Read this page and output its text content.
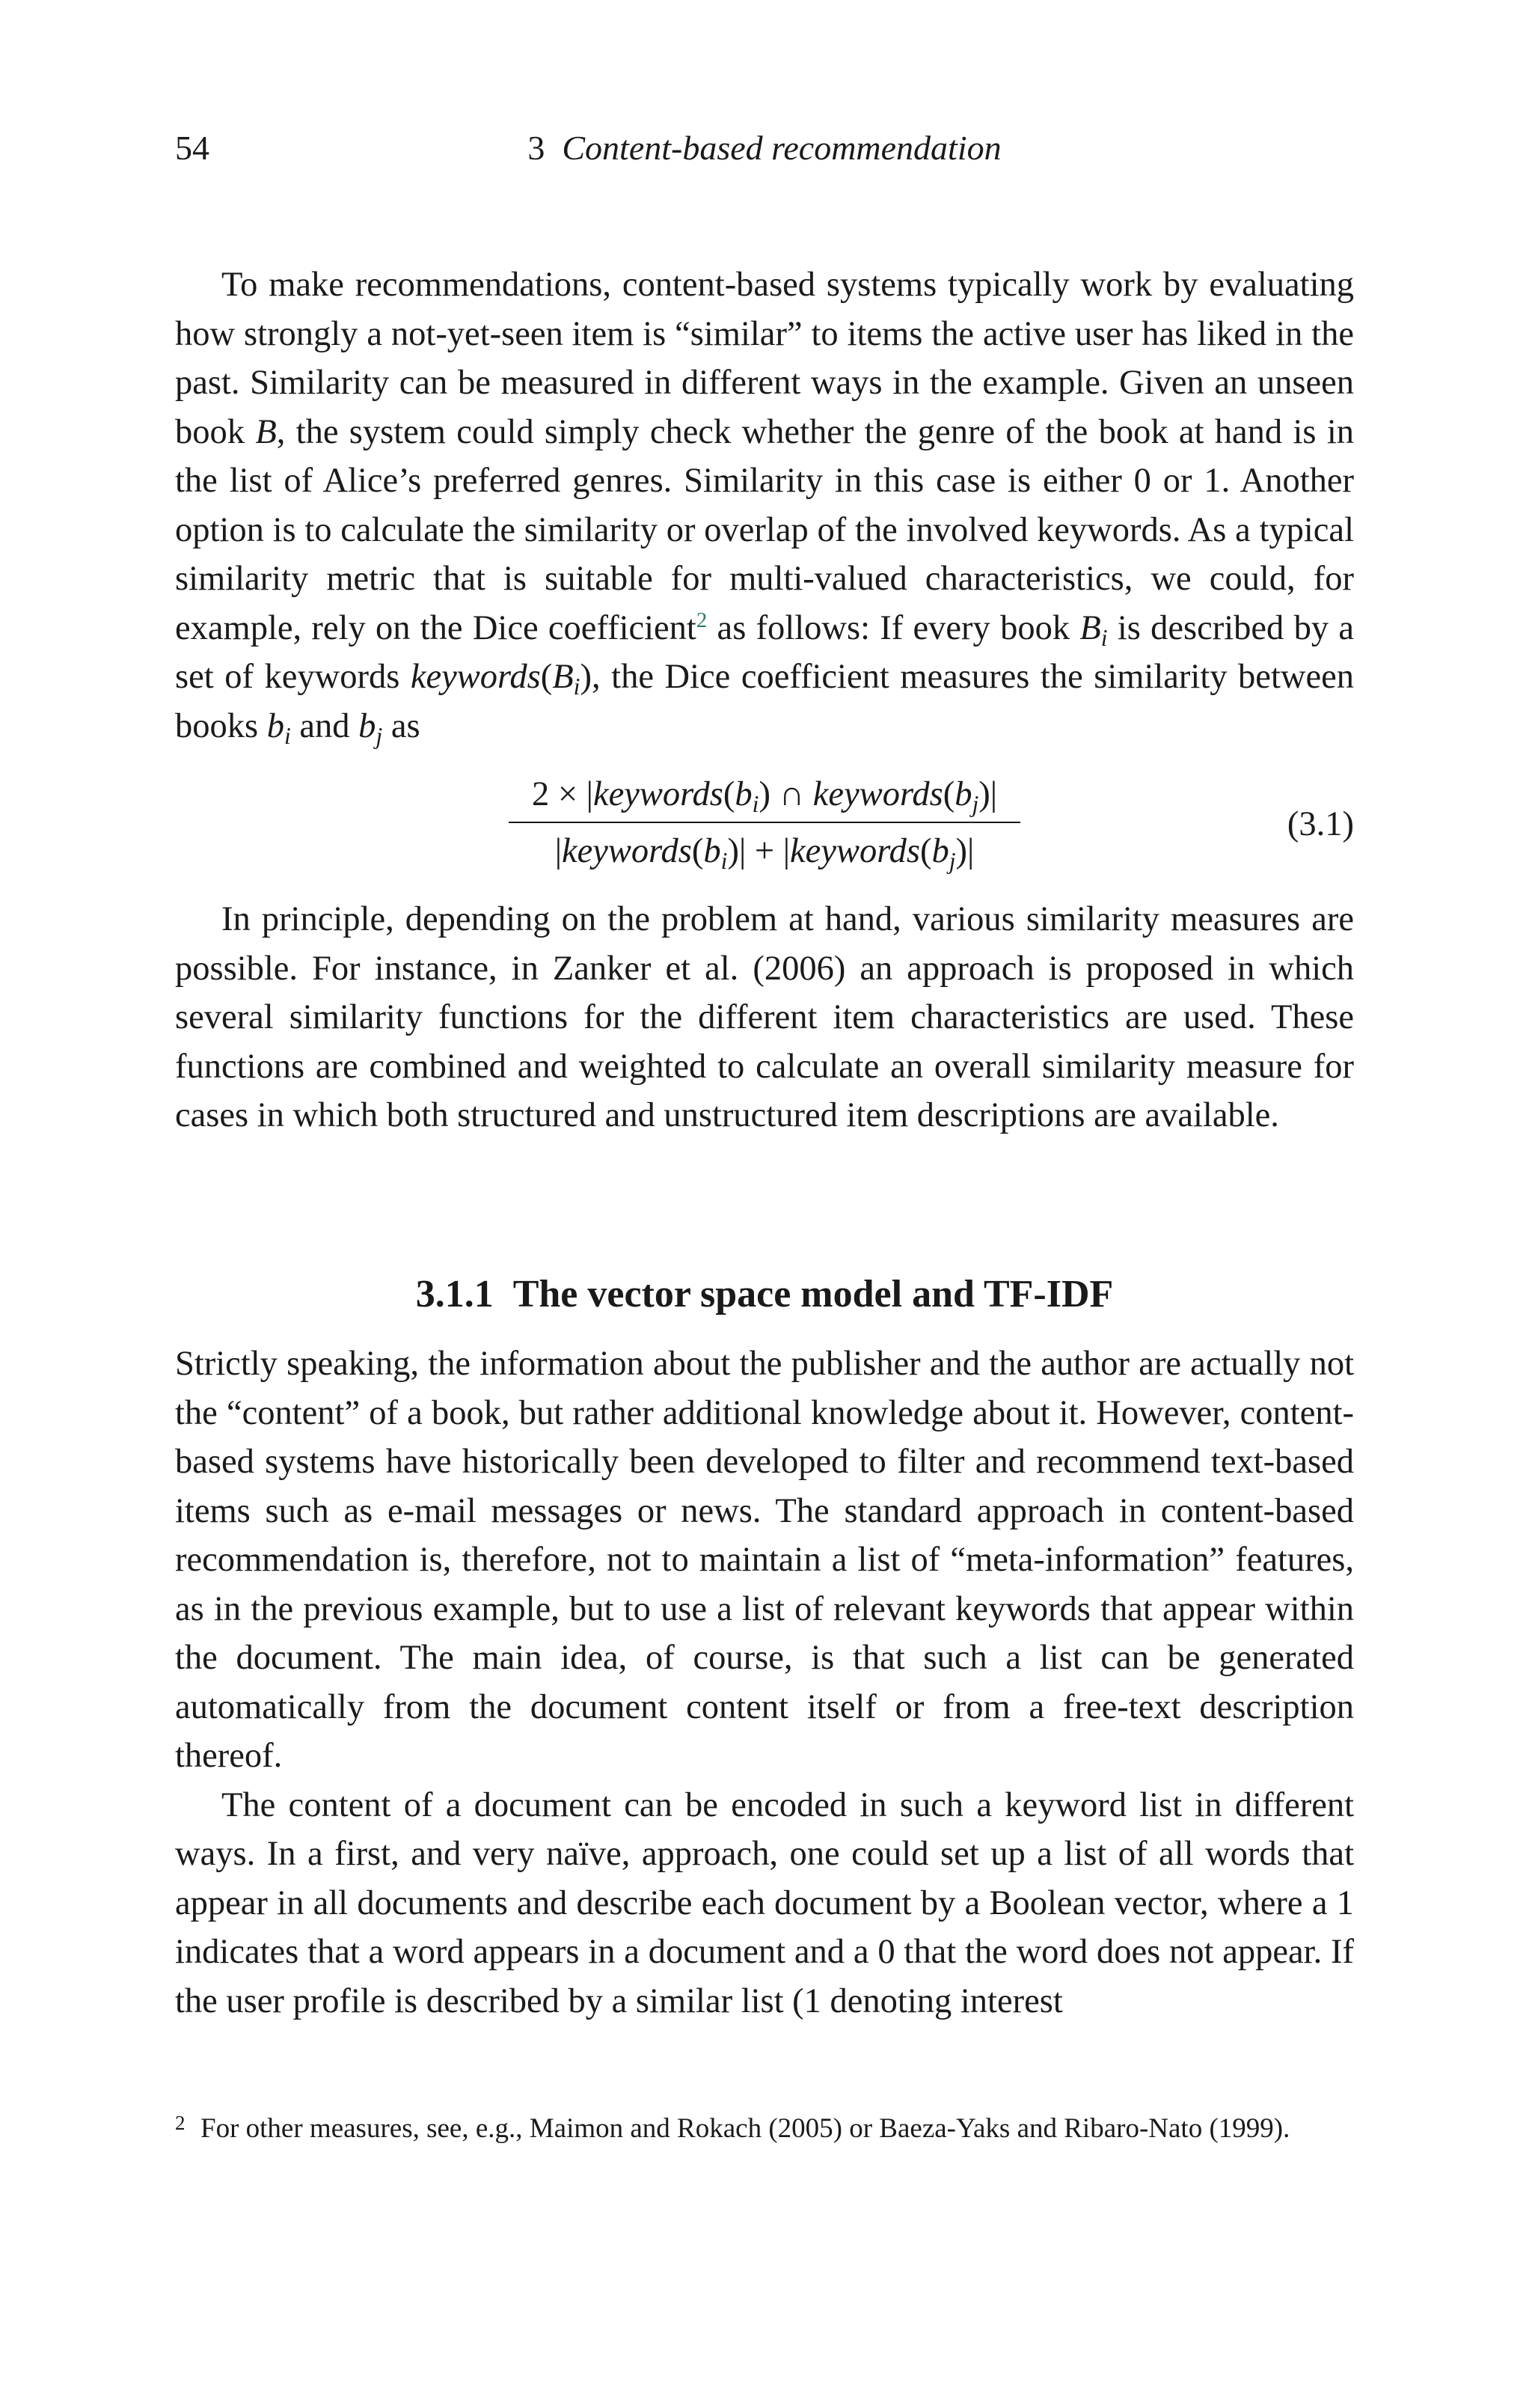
54	3 Content-based recommendation

To make recommendations, content-based systems typically work by evaluating how strongly a not-yet-seen item is “similar” to items the active user has liked in the past. Similarity can be measured in different ways in the example. Given an unseen book B, the system could simply check whether the genre of the book at hand is in the list of Alice’s preferred genres. Similarity in this case is either 0 or 1. Another option is to calculate the similarity or overlap of the involved keywords. As a typical similarity metric that is suitable for multi-valued characteristics, we could, for example, rely on the Dice coefficient$^2$ as follows: If every book $B_i$ is described by a set of keywords $keywords(B_i)$, the Dice coefficient measures the similarity between books $b_i$ and $b_j$ as

$2 \times |keywords(b_i)$ ∩ $keywords(b_j)|$
$|keywords(b_i)|$ + $|keywords(b_j)|$
(3.1)

In principle, depending on the problem at hand, various similarity measures are possible. For instance, in Zanker et al. (2006) an approach is proposed in which several similarity functions for the different item characteristics are used. These functions are combined and weighted to calculate an overall similarity measure for cases in which both structured and unstructured item descriptions are available.

3.1.1 The vector space model and TF-IDF

Strictly speaking, the information about the publisher and the author are actually not the “content” of a book, but rather additional knowledge about it. However, content-based systems have historically been developed to filter and recommend text-based items such as e-mail messages or news. The standard approach in content-based recommendation is, therefore, not to maintain a list of “meta-information” features, as in the previous example, but to use a list of relevant keywords that appear within the document. The main idea, of course, is that such a list can be generated automatically from the document content itself or from a free-text description thereof.

The content of a document can be encoded in such a keyword list in different ways. In a first, and very naïve, approach, one could set up a list of all words that appear in all documents and describe each document by a Boolean vector, where a 1 indicates that a word appears in a document and a 0 that the word does not appear. If the user profile is described by a similar list (1 denoting interest

2 For other measures, see, e.g., Maimon and Rokach (2005) or Baeza-Yaks and Ribaro-Nato (1999).
